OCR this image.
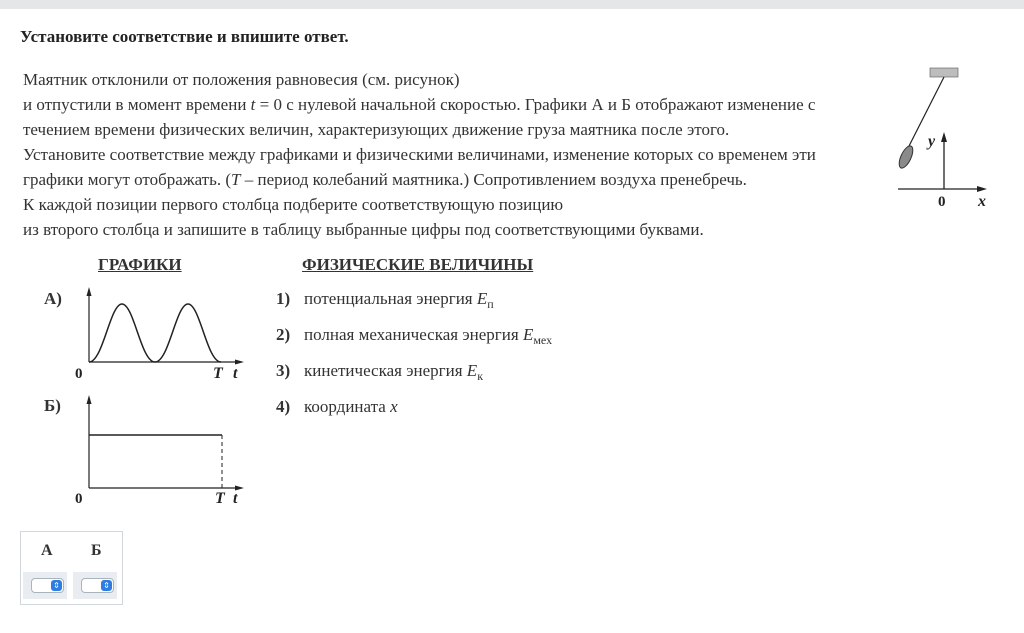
Установите соответствие и впишите ответ.
Маятник отклонили от положения равновесия (см. рисунок)
и отпустили в момент времени t = 0 с нулевой начальной скоростью. Графики А и Б отображают изменение с
течением времени физических величин, характеризующих движение груза маятника после этого.
Установите соответствие между графиками и физическими величинами, изменение которых со временем эти
графики могут отображать. (T – период колебаний маятника.) Сопротивлением воздуха пренебречь.
К каждой позиции первого столбца подберите соответствующую позицию
из второго столбца и запишите в таблицу выбранные цифры под соответствующими буквами.
y
0 x
ГРАФИКИ	ФИЗИЧЕСКИЕ ВЕЛИЧИНЫ
А)
0	T t
Б)
0	T t
1) потенциальная энергия $E_п$
2) полная механическая энергия $E_{мех}$
3) кинетическая энергия $E_к$
4) координата x
А Б
⇕	⇕
